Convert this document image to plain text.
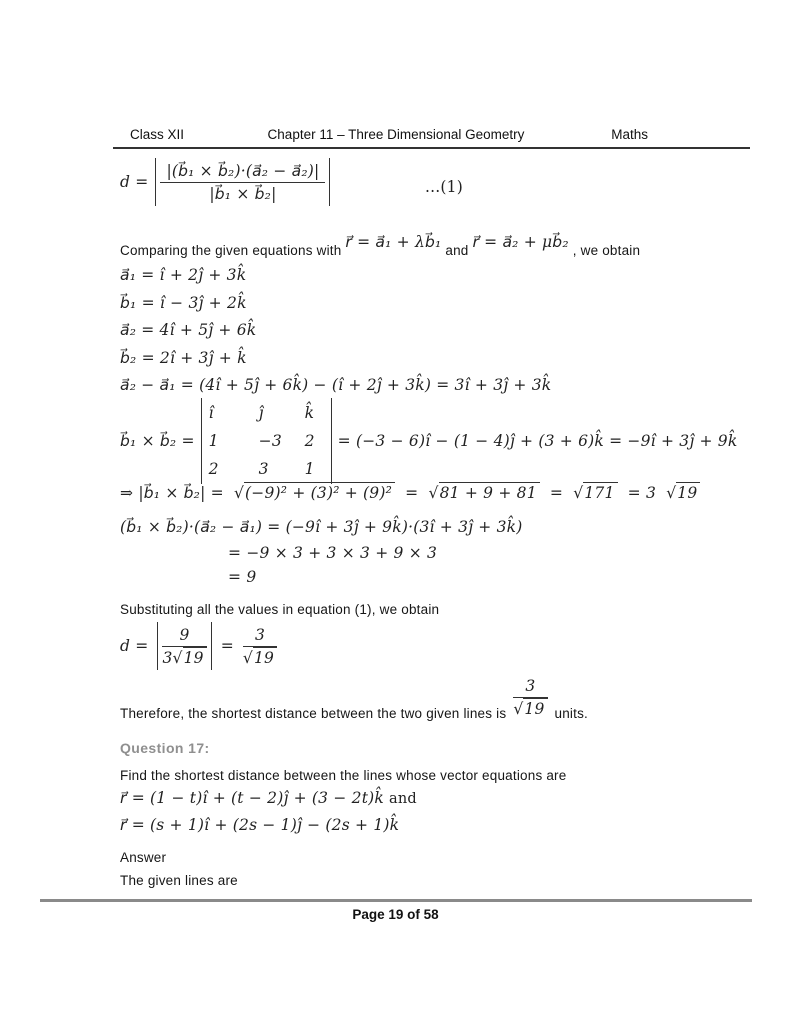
Class XII	Chapter 11 – Three Dimensional Geometry	Maths
$d = \frac{\text{|(b⃗₁ × b⃗₂)·(a⃗₂ − a⃗₂)|}}{\text{|b⃗₁ × b⃗₂|}}$	...(1)
Comparing the given equations with r⃗ = a⃗₁ + λb⃗₁ and r⃗ = a⃗₂ + μb⃗₂ , we obtain
a⃗₁ = î + 2ĵ + 3k̂
b⃗₁ = î − 3ĵ + 2k̂
a⃗₂ = 4î + 5ĵ + 6k̂
b⃗₂ = 2î + 3ĵ + k̂
a⃗₂ − a⃗₁ = (4î + 5ĵ + 6k̂) − (î + 2ĵ + 3k̂) = 3î + 3ĵ + 3k̂
b⃗₁ × b⃗₂ =
î	ĵ	k̂
1	−3	2
2	3	1
= (−3 − 6)î − (1 − 4)ĵ + (3 + 6)k̂ = −9î + 3ĵ + 9k̂
⇒ |b⃗₁ × b⃗₂| = √(−9)² + (3)² + (9)² = √81 + 9 + 81 = √171 = 3 √19
(b⃗₁ × b⃗₂)·(a⃗₂ − a⃗₁) = (−9î + 3ĵ + 9k̂)·(3î + 3ĵ + 3k̂)
= −9 × 3 + 3 × 3 + 9 × 3
= 9
Substituting all the values in equation (1), we obtain
$d = \frac{9}{3√19} = \frac{3}{√19}$
Therefore, the shortest distance between the two given lines is $\frac{3}{√19}$ units.
Question 17:
Find the shortest distance between the lines whose vector equations are
r⃗ = (1 − t)î + (t − 2)ĵ + (3 − 2t)k̂ and
r⃗ = (s + 1)î + (2s − 1)ĵ − (2s + 1)k̂
Answer
The given lines are
Page 19 of 58
